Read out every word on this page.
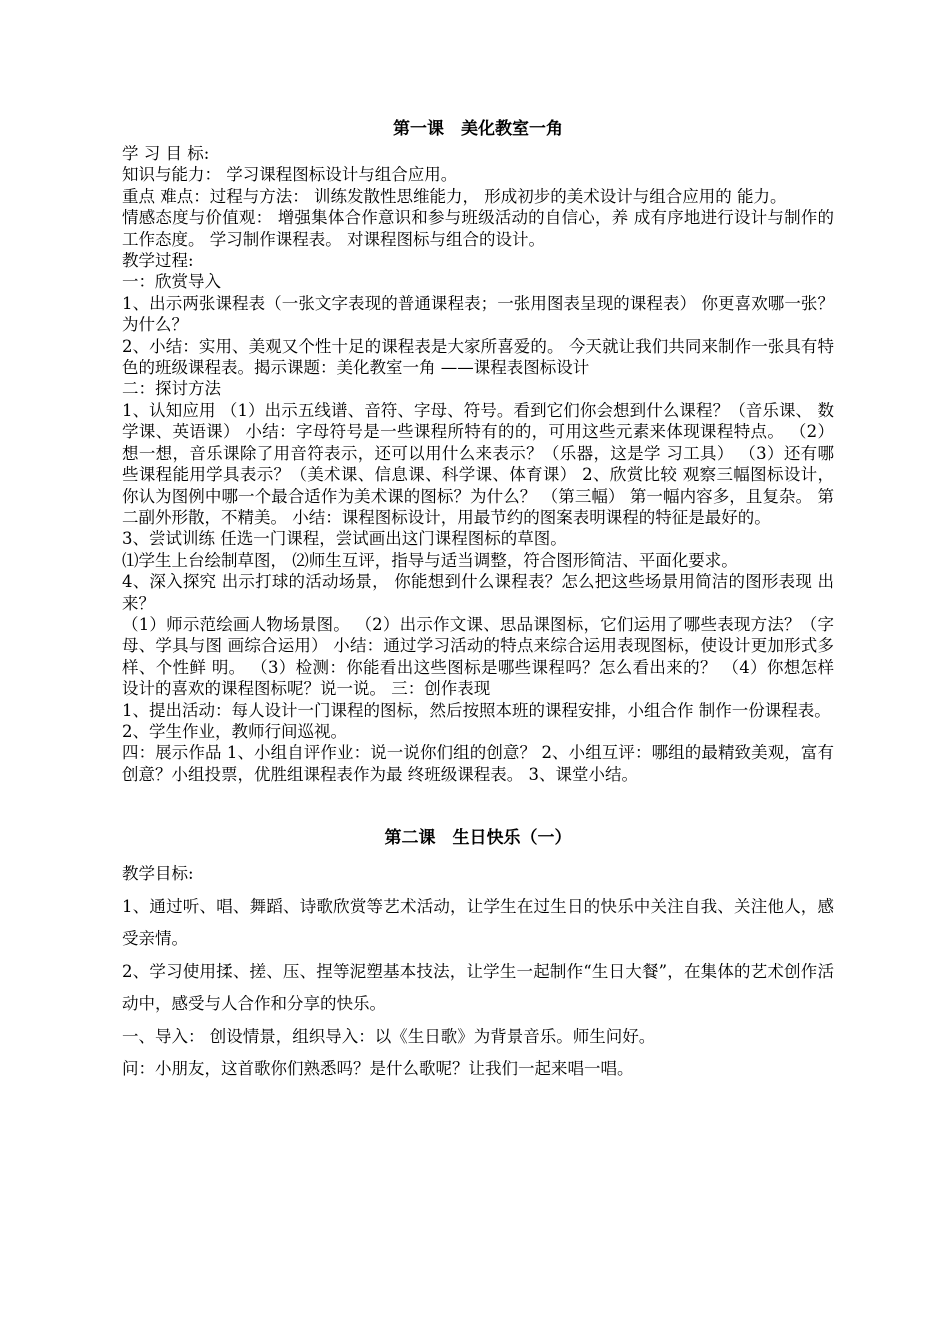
第一课　美化教室一角

学 习 目 标:

知识与能力： 学习课程图标设计与组合应用。

重点 难点：过程与方法： 训练发散性思维能力， 形成初步的美术设计与组合应用的 能力。

情感态度与价值观： 增强集体合作意识和参与班级活动的自信心，养 成有序地进行设计与制作的工作态度。 学习制作课程表。 对课程图标与组合的设计。

教学过程:

一：欣赏导入

1、出示两张课程表（一张文字表现的普通课程表；一张用图表呈现的课程表） 你更喜欢哪一张？为什么？

2、小结：实用、美观又个性十足的课程表是大家所喜爱的。 今天就让我们共同来制作一张具有特色的班级课程表。揭示课题：美化教室一角 ——课程表图标设计

二：探讨方法

1、认知应用 （1）出示五线谱、音符、字母、符号。看到它们你会想到什么课程？（音乐课、 数学课、英语课） 小结：字母符号是一些课程所特有的的，可用这些元素来体现课程特点。 （2）想一想，音乐课除了用音符表示，还可以用什么来表示？（乐器，这是学 习工具） （3）还有哪些课程能用学具表示？（美术课、信息课、科学课、体育课） 2、欣赏比较 观察三幅图标设计，你认为图例中哪一个最合适作为美术课的图标？为什么？ （第三幅） 第一幅内容多，且复杂。 第二副外形散，不精美。 小结：课程图标设计，用最节约的图案表明课程的特征是最好的。

3、尝试训练 任选一门课程，尝试画出这门课程图标的草图。

⑴学生上台绘制草图， ⑵师生互评，指导与适当调整，符合图形简洁、平面化要求。

4、深入探究 出示打球的活动场景， 你能想到什么课程表？怎么把这些场景用简洁的图形表现 出来？

（1）师示范绘画人物场景图。 （2）出示作文课、思品课图标，它们运用了哪些表现方法？（字母、学具与图 画综合运用） 小结：通过学习活动的特点来综合运用表现图标，使设计更加形式多样、个性鲜 明。 （3）检测：你能看出这些图标是哪些课程吗？怎么看出来的？ （4）你想怎样设计的喜欢的课程图标呢？说一说。 三：创作表现

1、提出活动：每人设计一门课程的图标，然后按照本班的课程安排，小组合作 制作一份课程表。

2、学生作业，教师行间巡视。

四：展示作品 1、小组自评作业：说一说你们组的创意？ 2、小组互评：哪组的最精致美观，富有创意？小组投票，优胜组课程表作为最 终班级课程表。 3、课堂小结。

第二课　生日快乐（一）

教学目标:

1、通过听、唱、舞蹈、诗歌欣赏等艺术活动，让学生在过生日的快乐中关注自我、关注他人，感受亲情。

2、学习使用揉、搓、压、捏等泥塑基本技法，让学生一起制作“生日大餐”，在集体的艺术创作活动中，感受与人合作和分享的快乐。

一、导入： 创设情景，组织导入：以《生日歌》为背景音乐。师生问好。

问：小朋友，这首歌你们熟悉吗？是什么歌呢？让我们一起来唱一唱。
